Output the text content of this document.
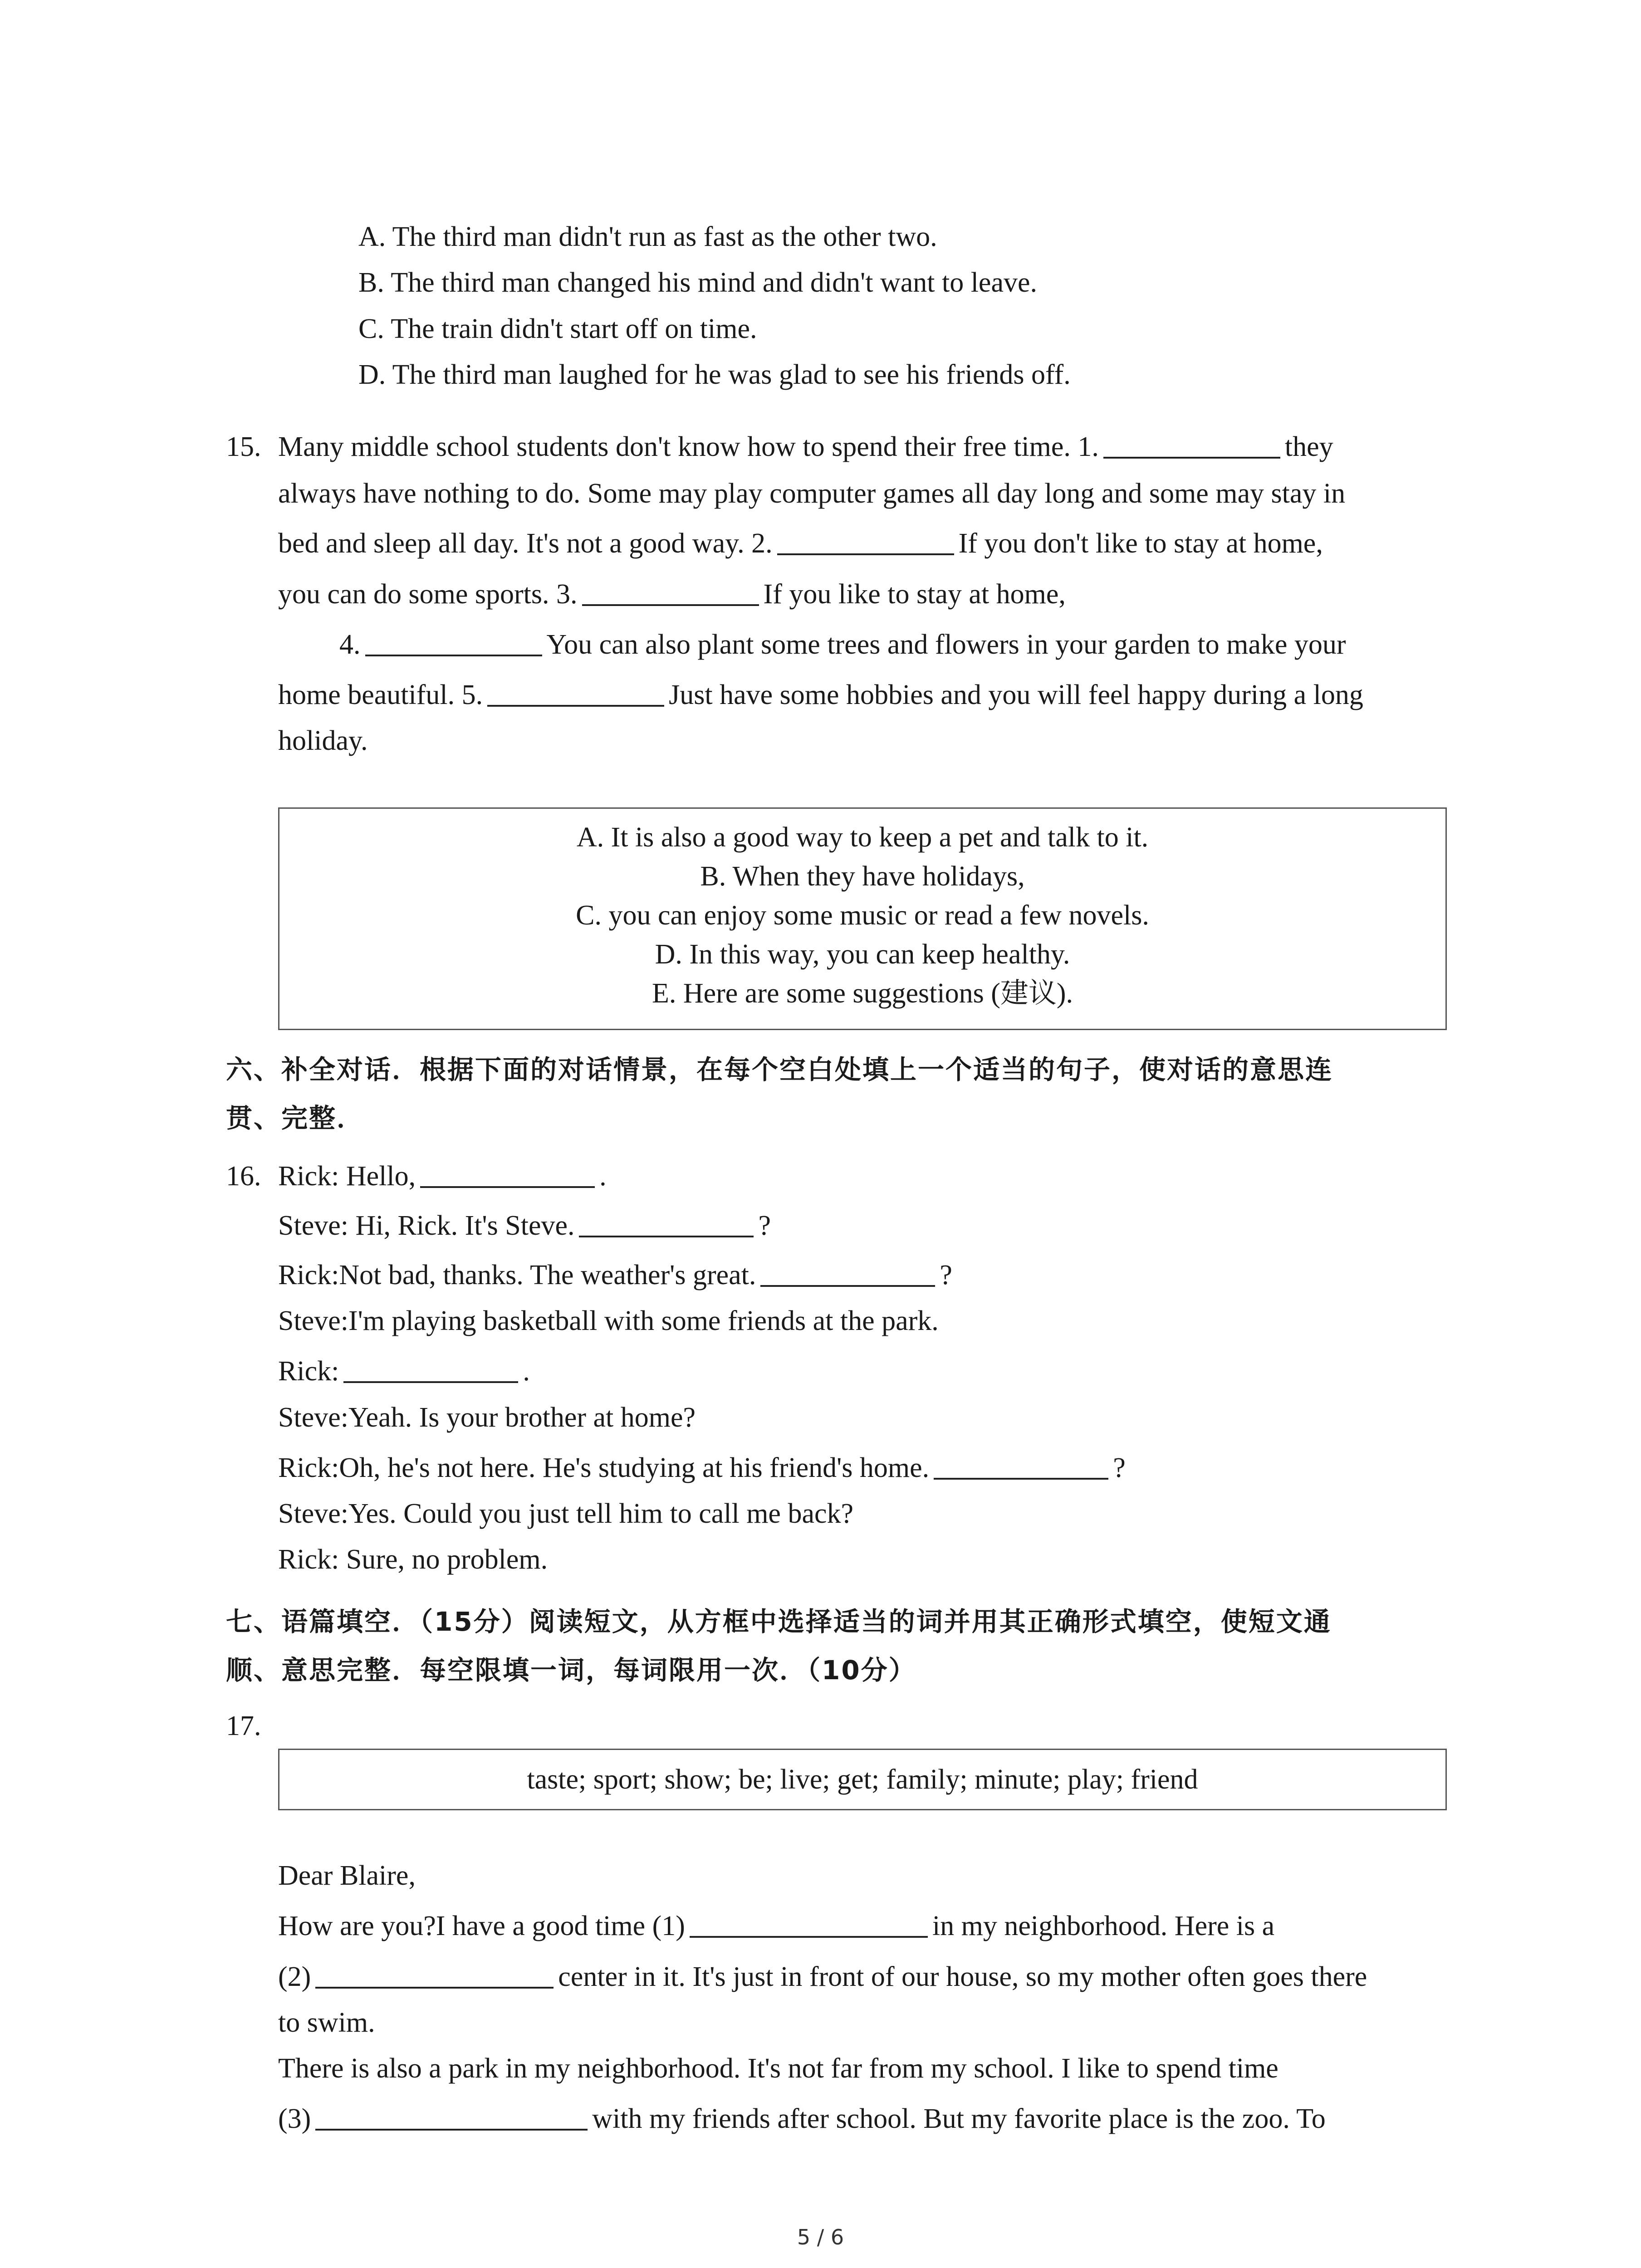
A. The third man didn't run as fast as the other two.
B. The third man changed his mind and didn't want to leave.
C. The train didn't start off on time.
D. The third man laughed for he was glad to see his friends off.
15. Many middle school students don't know how to spend their free time. 1.	they
always have nothing to do. Some may play computer games all day long and some may stay in
bed and sleep all day. It's not a good way. 2.	If you don't like to stay at home,
you can do some sports. 3.	If you like to stay at home,
4.	You can also plant some trees and flowers in your garden to make your
home beautiful. 5.	Just have some hobbies and you will feel happy during a long
holiday.
A. It is also a good way to keep a pet and talk to it.
B. When they have holidays,
C. you can enjoy some music or read a few novels.
D. In this way, you can keep healthy.
E. Here are some suggestions (建议).
六、补全对话．根据下面的对话情景，在每个空白处填上一个适当的句子，使对话的意思连
贯、完整．
16. Rick: Hello,	.
Steve: Hi, Rick. It's Steve.	?
Rick:Not bad, thanks. The weather's great.	?
Steve:I'm playing basketball with some friends at the park.
Rick:	.
Steve:Yeah. Is your brother at home?
Rick:Oh, he's not here. He's studying at his friend's home.	?
Steve:Yes. Could you just tell him to call me back?
Rick: Sure, no problem.
七、语篇填空．（15分）阅读短文，从方框中选择适当的词并用其正确形式填空，使短文通
顺、意思完整．每空限填一词，每词限用一次．（10分）
17.
taste; sport; show; be; live; get; family; minute; play; friend
Dear Blaire,
How are you?I have a good time (1)	in my neighborhood. Here is a
(2)	center in it. It's just in front of our house, so my mother often goes there
to swim.
There is also a park in my neighborhood. It's not far from my school. I like to spend time
(3)	with my friends after school. But my favorite place is the zoo. To
5 / 6
